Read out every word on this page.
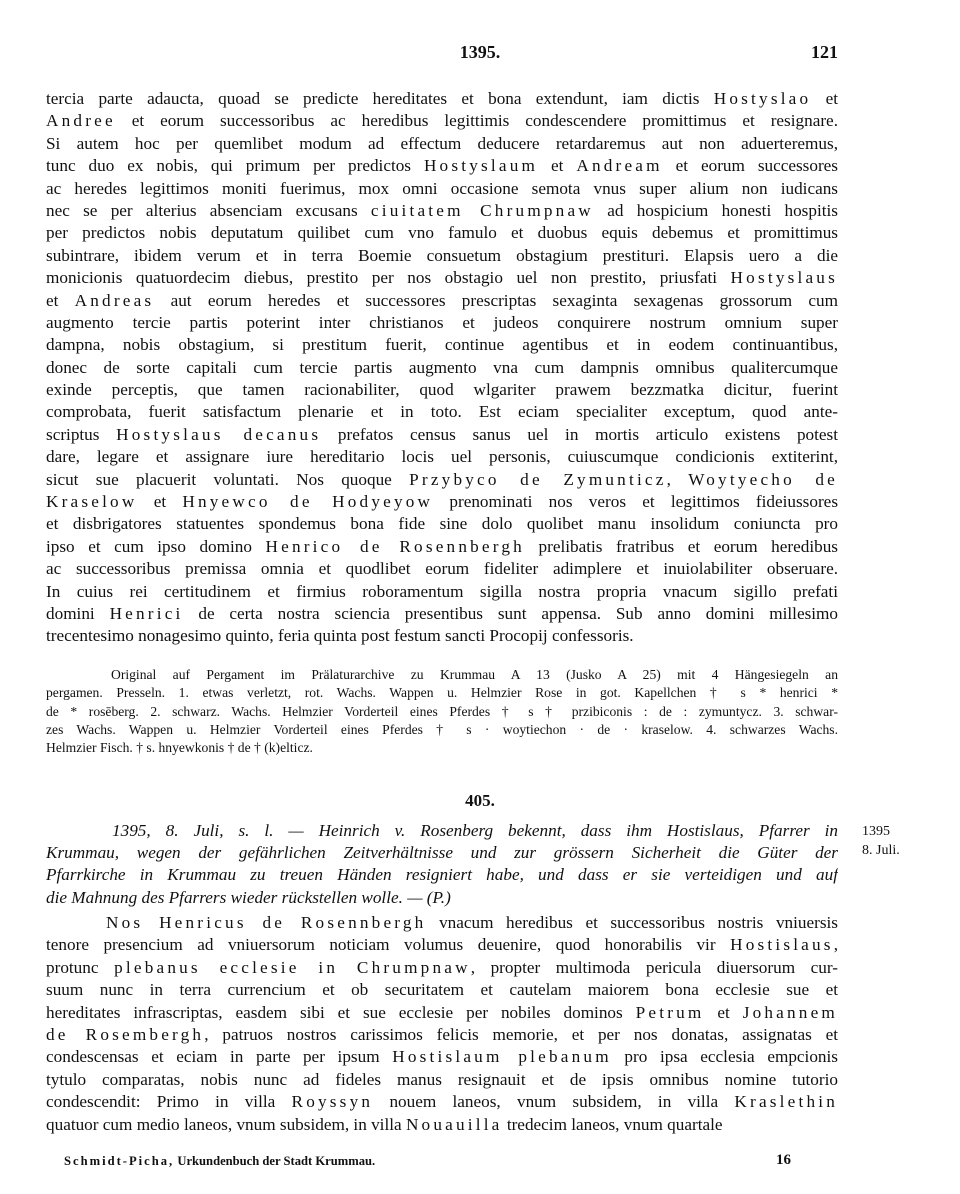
1395.	121
tercia parte adaucta, quoad se predicte hereditates et bona extendunt, iam dictis Hostyslao et
Andree et eorum successoribus ac heredibus legittimis condescendere promittimus et resignare.
Si autem hoc per quemlibet modum ad effectum deducere retardaremus aut non aduerteremus,
tunc duo ex nobis, qui primum per predictos Hostyslaum et Andream et eorum successores
ac heredes legittimos moniti fuerimus, mox omni occasione semota vnus super alium non iudicans
nec se per alterius absenciam excusans ciuitatem Chrumpnaw ad hospicium honesti hospitis
per predictos nobis deputatum quilibet cum vno famulo et duobus equis debemus et promittimus
subintrare, ibidem verum et in terra Boemie consuetum obstagium prestituri. Elapsis uero a die
monicionis quatuordecim diebus, prestito per nos obstagio uel non prestito, priusfati Hostyslaus
et Andreas aut eorum heredes et successores prescriptas sexaginta sexagenas grossorum cum
augmento tercie partis poterint inter christianos et judeos conquirere nostrum omnium super
dampna, nobis obstagium, si prestitum fuerit, continue agentibus et in eodem continuantibus,
donec de sorte capitali cum tercie partis augmento vna cum dampnis omnibus qualitercumque
exinde perceptis, que tamen racionabiliter, quod wlgariter prawem bezzmatka dicitur, fuerint
comprobata, fuerit satisfactum plenarie et in toto. Est eciam specialiter exceptum, quod ante-
scriptus Hostyslaus decanus prefatos census sanus uel in mortis articulo existens potest
dare, legare et assignare iure hereditario locis uel personis, cuiuscumque condicionis extiterint,
sicut sue placuerit voluntati. Nos quoque Przybyco de Zymunticz, Woytyecho de
Kraselow et Hnyewco de Hodyeyow prenominati nos veros et legittimos fideiussores
et disbrigatores statuentes spondemus bona fide sine dolo quolibet manu insolidum coniuncta pro
ipso et cum ipso domino Henrico de Rosennbergh prelibatis fratribus et eorum heredibus
ac successoribus premissa omnia et quodlibet eorum fideliter adimplere et inuiolabiliter obseruare.
In cuius rei certitudinem et firmius roboramentum sigilla nostra propria vnacum sigillo prefati
domini Henrici de certa nostra sciencia presentibus sunt appensa. Sub anno domini millesimo
trecentesimo nonagesimo quinto, feria quinta post festum sancti Procopij confessoris.
Original auf Pergament im Prälaturarchive zu Krummau A 13 (Jusko A 25) mit 4 Hängesiegeln an
pergamen. Presseln. 1. etwas verletzt, rot. Wachs. Wappen u. Helmzier Rose in got. Kapellchen † s * henrici *
de * rosēberg. 2. schwarz. Wachs. Helmzier Vorderteil eines Pferdes † s † przibiconis : de : zymuntycz. 3. schwar-
zes Wachs. Wappen u. Helmzier Vorderteil eines Pferdes † s · woytiechon · de · kraselow. 4. schwarzes Wachs.
Helmzier Fisch. † s. hnyewkonis † de † (k)elticz.
405.
1395, 8. Juli, s. l. — Heinrich v. Rosenberg bekennt, dass ihm Hostislaus, Pfarrer in
Krummau, wegen der gefährlichen Zeitverhältnisse und zur grössern Sicherheit die Güter der
Pfarrkirche in Krummau zu treuen Händen resigniert habe, und dass er sie verteidigen und auf
die Mahnung des Pfarrers wieder rückstellen wolle. — (P.)
1395
8. Juli.
Nos Henricus de Rosennbergh vnacum heredibus et successoribus nostris vniuersis
tenore presencium ad vniuersorum noticiam volumus deuenire, quod honorabilis vir Hostislaus,
protunc plebanus ecclesie in Chrumpnaw, propter multimoda pericula diuersorum cur-
suum nunc in terra currencium et ob securitatem et cautelam maiorem bona ecclesie sue et
hereditates infrascriptas, easdem sibi et sue ecclesie per nobiles dominos Petrum et Johannem
de Rosembergh, patruos nostros carissimos felicis memorie, et per nos donatas, assignatas et
condescensas et eciam in parte per ipsum Hostislaum plebanum pro ipsa ecclesia empcionis
tytulo comparatas, nobis nunc ad fideles manus resignauit et de ipsis omnibus nomine tutorio
condescendit: Primo in villa Royssyn nouem laneos, vnum subsidem, in villa Kraslethin
quatuor cum medio laneos, vnum subsidem, in villa Nouauilla tredecim laneos, vnum quartale
Schmidt-Picha, Urkundenbuch der Stadt Krummau.	16
